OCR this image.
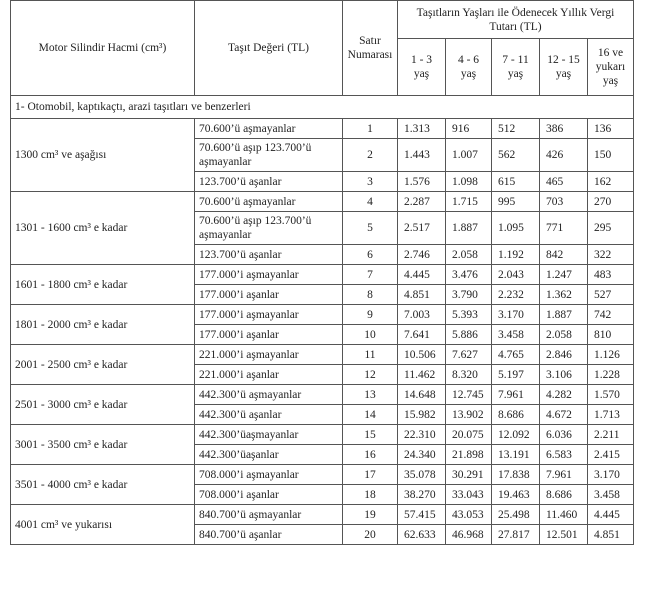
Motor Silindir Hacmi (cm³)	Taşıt Değeri (TL)	Satır Numarası	Taşıtların Yaşları ile Ödenecek Yıllık Vergi Tutarı (TL)				
			1 - 3 yaş	4 - 6 yaş	7 - 11 yaş	12 - 15 yaş	16 ve yukarı yaş
1- Otomobil, kaptıkaçtı, arazi taşıtları ve benzerleri							
1300 cm³ ve aşağısı	70.600’ü aşmayanlar	1	1.313	916	512	386	136
	70.600’ü aşıp 123.700’ü aşmayanlar	2	1.443	1.007	562	426	150
	123.700’ü aşanlar	3	1.576	1.098	615	465	162
1301 - 1600 cm³ e kadar	70.600’ü aşmayanlar	4	2.287	1.715	995	703	270
	70.600’ü aşıp 123.700’ü aşmayanlar	5	2.517	1.887	1.095	771	295
	123.700’ü aşanlar	6	2.746	2.058	1.192	842	322
1601 - 1800 cm³ e kadar	177.000’i aşmayanlar	7	4.445	3.476	2.043	1.247	483
	177.000’i aşanlar	8	4.851	3.790	2.232	1.362	527
1801 - 2000 cm³ e kadar	177.000’i aşmayanlar	9	7.003	5.393	3.170	1.887	742
	177.000’i aşanlar	10	7.641	5.886	3.458	2.058	810
2001 - 2500 cm³ e kadar	221.000’i aşmayanlar	11	10.506	7.627	4.765	2.846	1.126
	221.000’i aşanlar	12	11.462	8.320	5.197	3.106	1.228
2501 - 3000 cm³ e kadar	442.300’ü aşmayanlar	13	14.648	12.745	7.961	4.282	1.570
	442.300’ü aşanlar	14	15.982	13.902	8.686	4.672	1.713
3001 - 3500 cm³ e kadar	442.300’üaşmayanlar	15	22.310	20.075	12.092	6.036	2.211
	442.300’üaşanlar	16	24.340	21.898	13.191	6.583	2.415
3501 - 4000 cm³ e kadar	708.000’i aşmayanlar	17	35.078	30.291	17.838	7.961	3.170
	708.000’i aşanlar	18	38.270	33.043	19.463	8.686	3.458
4001 cm³ ve yukarısı	840.700’ü aşmayanlar	19	57.415	43.053	25.498	11.460	4.445
	840.700’ü aşanlar	20	62.633	46.968	27.817	12.501	4.851
